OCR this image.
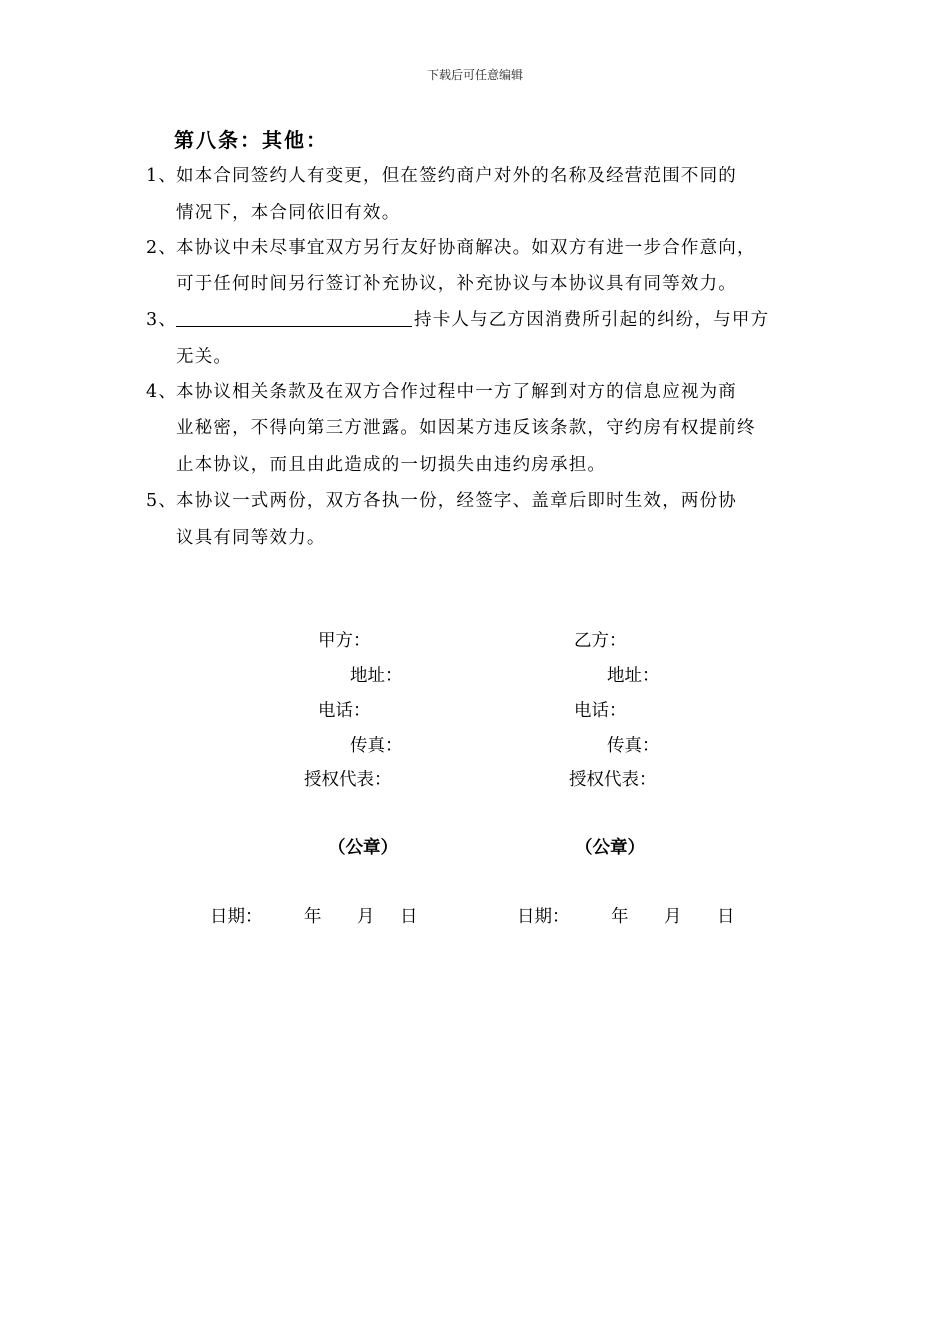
下载后可任意编辑
第八条：其他：
1、
如本合同签约人有变更，但在签约商户对外的名称及经营范围不同的
情况下，本合同依旧有效。
2、
本协议中未尽事宜双方另行友好协商解决。如双方有进一步合作意向，
可于任何时间另行签订补充协议，补充协议与本协议具有同等效力。
3、	持卡人与乙方因消费所引起的纠纷，与甲方
无关。
4、
本协议相关条款及在双方合作过程中一方了解到对方的信息应视为商
业秘密，不得向第三方泄露。如因某方违反该条款，守约房有权提前终
止本协议，而且由此造成的一切损失由违约房承担。
5、
本协议一式两份，双方各执一份，经签字、盖章后即时生效，两份协
议具有同等效力。
甲方：
地址：
电话：
传真：
授权代表：
（公章）
日期： 年 月 日
乙方：
地址：
电话：
传真：
授权代表：
（公章）
日期： 年 月 日
